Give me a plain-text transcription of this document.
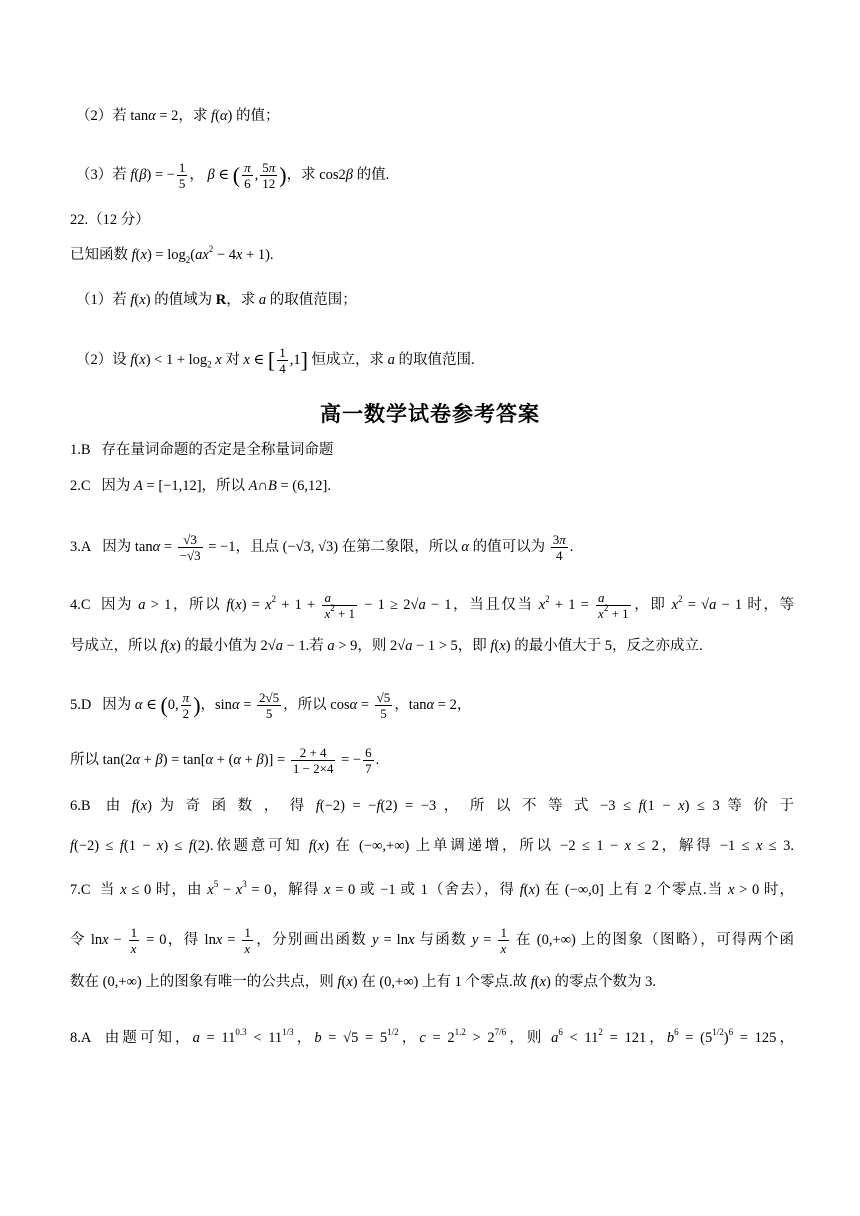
（2）若 tanα = 2，求 f(α) 的值；
（3）若 f(β) = − $\frac{1}{5}$ ， β ∈ ( $\frac{\pi}{6}$ , $\frac{5\pi}{12}$ )，求 cos2β 的值.
22.（12 分）
已知函数 $f(x) = \log_2(ax^2 - 4x + 1)$.
（1）若 f(x) 的值域为 R，求 a 的取值范围；
（2）设 $f(x) < 1 + \log_2 x$ 对 x ∈ [ $\frac{1}{4} ,1$] 恒成立，求 a 的取值范围.
高一数学试卷参考答案
1.B 存在量词命题的否定是全称量词命题
2.C   因为 A = [−1,12]，所以 A∩B = (6,12].
3.A   因为 $\tan\alpha = \frac{√3}{-√3} = -1$，且点 (−√3, √3) 在第二象限，所以 α 的值可以为 $\frac{3\pi}{4}$ .
4.C  因为 a > 1，所以 $f(x) = x^2 + 1 + \frac{a}{x^2 + 1} - 1 \ge 2√a - 1$，当且仅当 $x^2 + 1 = \frac{a}{x^2 + 1}$ ，即 $x^2 = √a - 1$ 时，等
号成立，所以 f(x) 的最小值为 2√a − 1.若 a > 9，则 2√a − 1 > 5，即 f(x) 的最小值大于 5，反之亦成立.
5.D   因为 α ∈ (0, $\frac{\pi}{2}$ )，$\sin\alpha = \frac{2√5}{5}$ ，所以 $\cos\alpha = \frac{√5}{5}$ ，tanα = 2，
所以 $\tan(2\alpha + \beta) = \tan[\alpha + (\alpha + \beta)] = \frac{2 + 4}{1 - 2\times 4}$ = − $\frac{6}{7}$ .
6.B  由 f(x) 为 奇 函 数 ， 得 f(−2) = −f(2) = −3 ， 所 以 不 等 式 −3 ≤ f(1 − x) ≤ 3 等 价 于
f(−2) ≤ f(1 − x) ≤ f(2).依题意可知 f(x) 在 (−∞,+∞) 上单调递增，所以 −2 ≤ 1 − x ≤ 2，解得 −1 ≤ x ≤ 3.
7.C  当 x ≤ 0 时，由 $x^5 - x^3 = 0$，解得 x = 0 或 −1 或 1（舍去），得 f(x) 在 (−∞,0] 上有 2 个零点.当 x > 0 时，
令 $\ln x - \frac{1}{x} = 0$，得 $\ln x = \frac{1}{x}$ ，分别画出函数 y = lnx 与函数 $y = \frac{1}{x}$ 在 (0,+∞) 上的图象（图略），可得两个函
数在 (0,+∞) 上的图象有唯一的公共点，则 f(x) 在 (0,+∞) 上有 1 个零点.故 f(x) 的零点个数为 3.
8.A  由题可知，$a = 11^{0.3} < 11^{1/3}$，$b = √5 = 5^{1/2}$，$c = 2^{1.2} > 2^{7/6}$，则 $a^6 < 11^2 = 121$，$b^6 = (5^{1/2})^6 = 125$，
